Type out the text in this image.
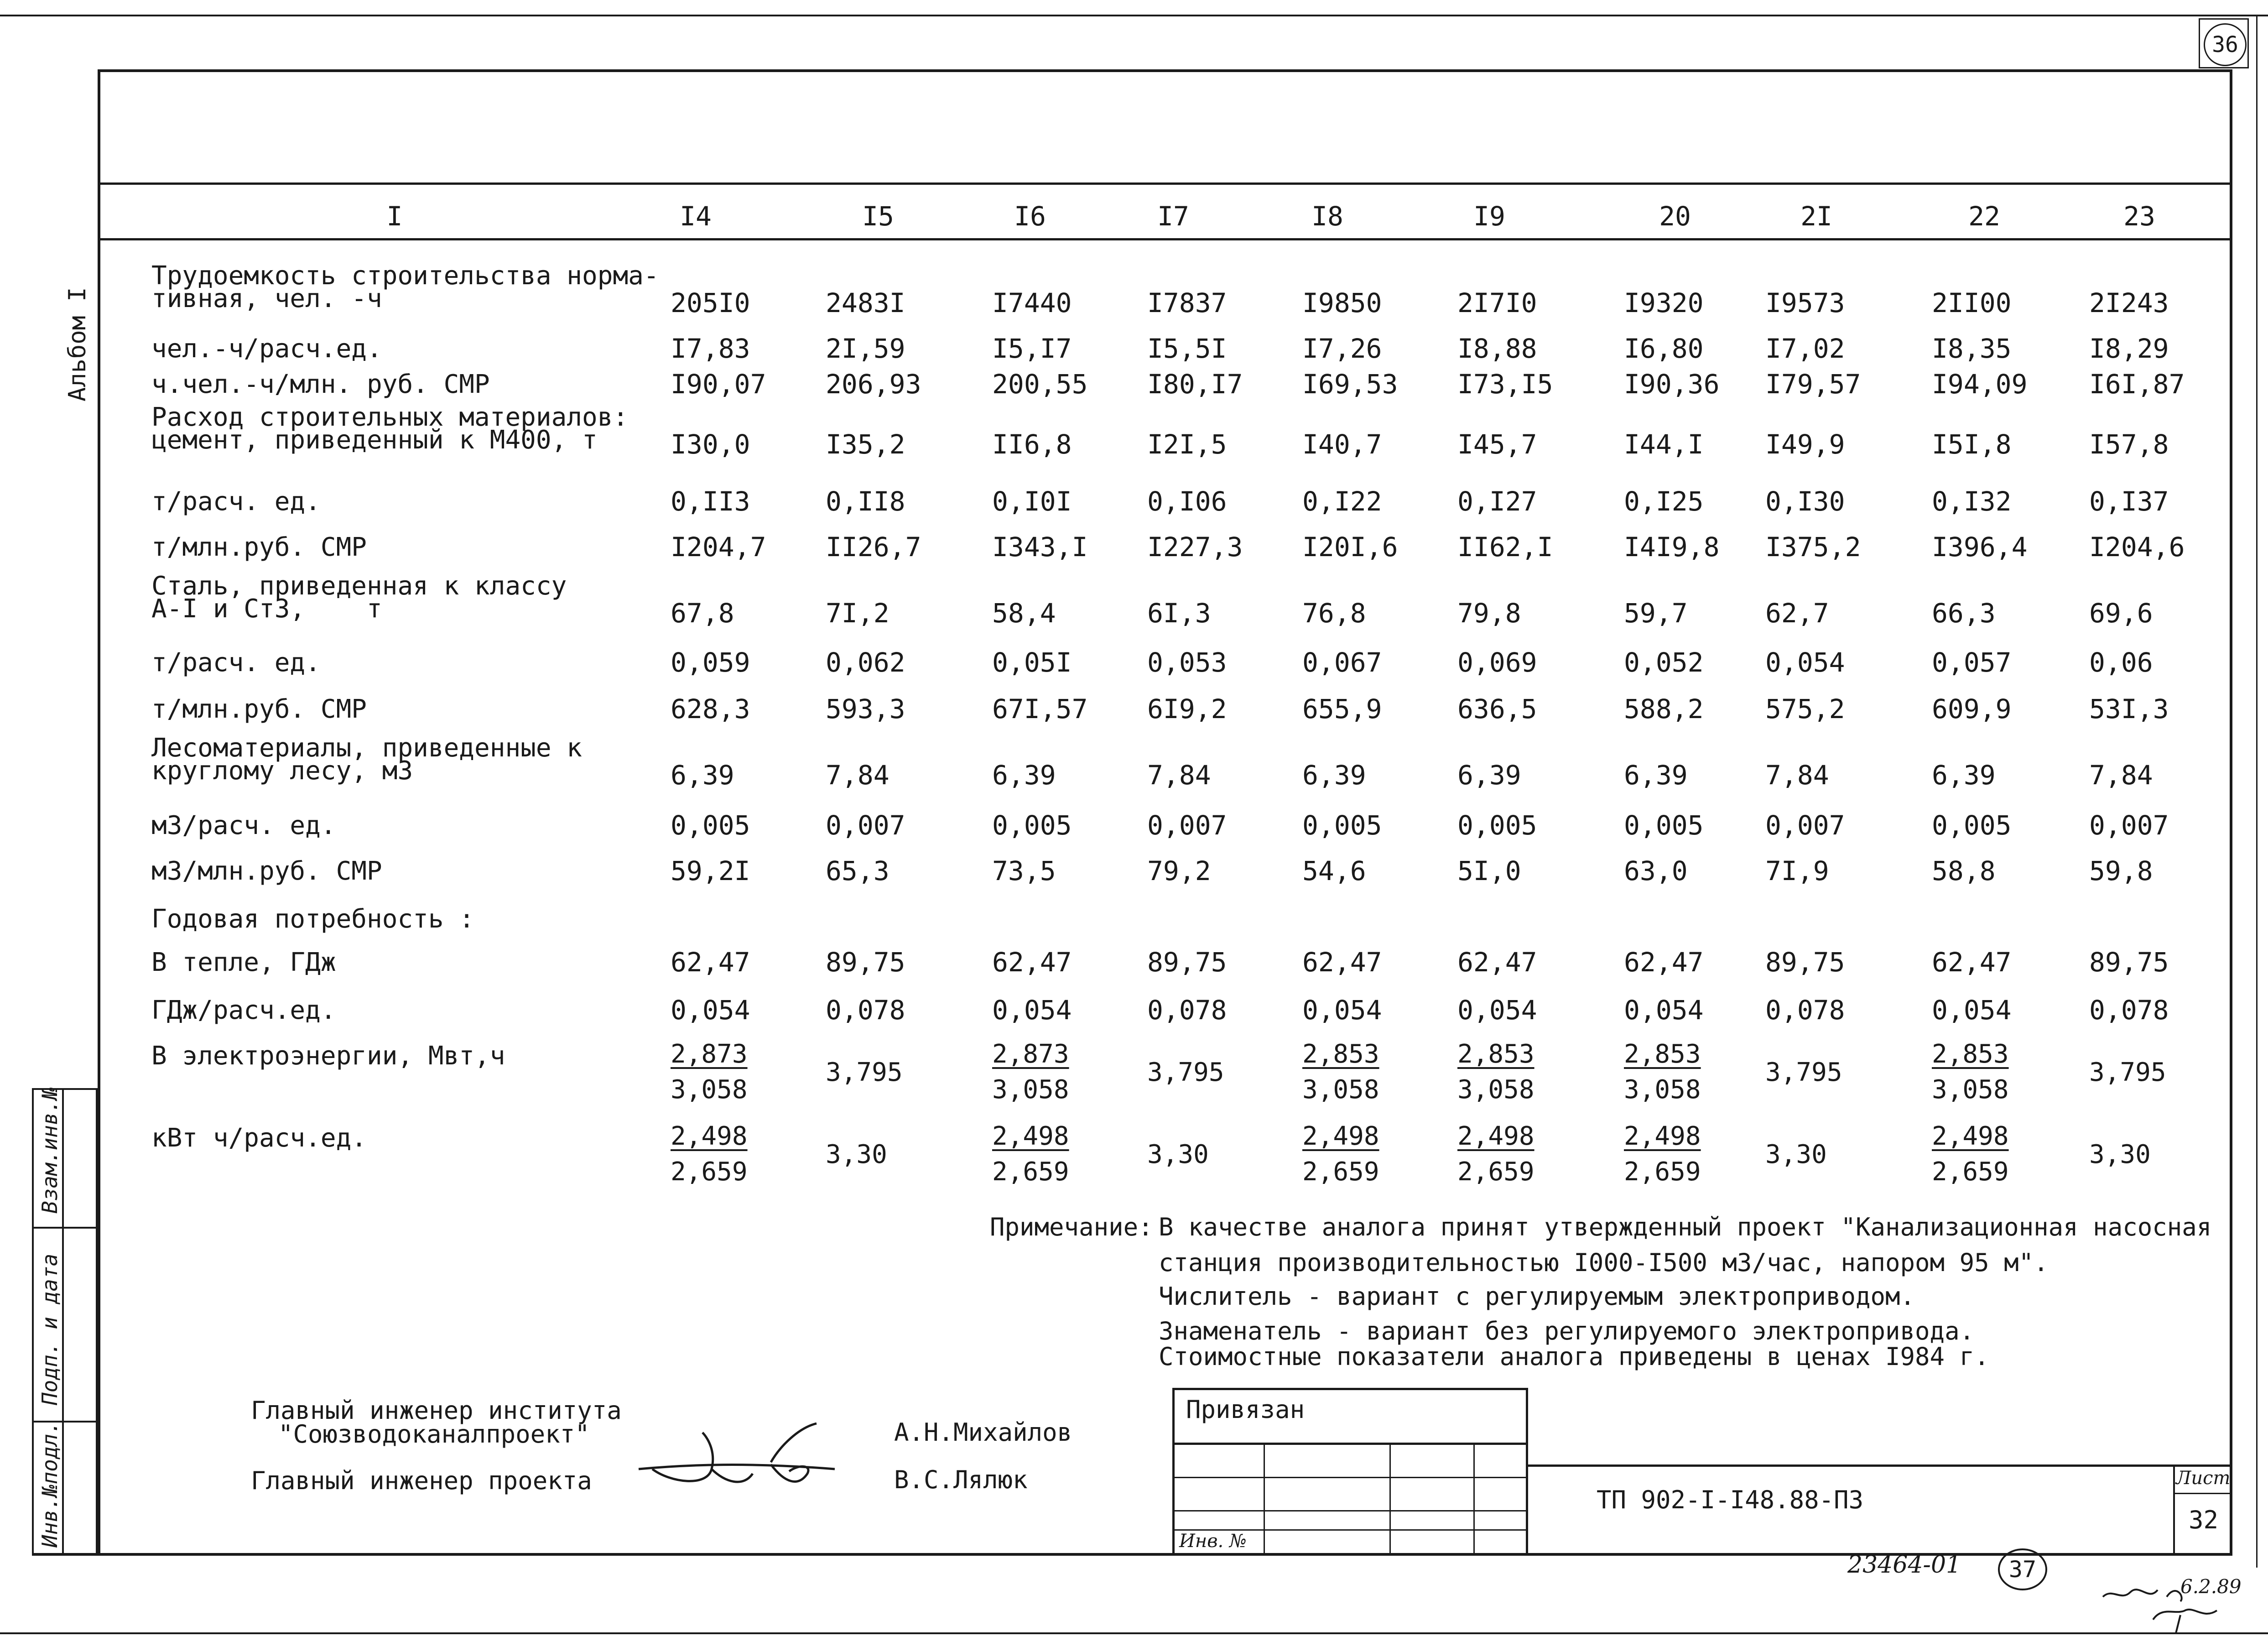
36
Альбом I
Инв.№подл.
Подп. и дата
Взам.инв.№
I	I4	I5	I6	I7	I8	I9	20	2I	22	23
Трудоемкость строительства норма-
тивная, чел. -ч	205I0	2483I	I7440	I7837	I9850	2I7I0	I9320 I9573	2II00	2I243
чел.-ч/расч.ед.	I7,83	2I,59	I5,I7	I5,5I	I7,26	I8,88	I6,80 I7,02	I8,35	I8,29
ч.чел.-ч/млн. руб. СМР	I90,07 206,93	200,55 I80,I7 I69,53 I73,I5	I90,36 I79,57	I94,09 I6I,87
Расход строительных материалов:
цемент, приведенный к М400, т	I30,0	I35,2	II6,8	I2I,5	I40,7	I45,7	I44,I I49,9	I5I,8	I57,8
т/расч. ед.	0,II3	0,II8	0,I0I	0,I06	0,I22	0,I27	0,I25 0,I30	0,I32	0,I37
т/млн.руб. СМР	I204,7 II26,7	I343,I I227,3 I20I,6 II62,I	I4I9,8 I375,2	I396,4 I204,6
Сталь, приведенная к классу
А-I и Ст3,    т	67,8	7I,2	58,4	6I,3	76,8	79,8	59,7	62,7	66,3	69,6
т/расч. ед.	0,059	0,062	0,05I	0,053	0,067	0,069	0,052 0,054	0,057	0,06
т/млн.руб. СМР	628,3	593,3	67I,57 6I9,2	655,9	636,5	588,2 575,2	609,9	53I,3
Лесоматериалы, приведенные к
круглому лесу, м3	6,39	7,84	6,39	7,84	6,39	6,39	6,39	7,84	6,39	7,84
м3/расч. ед.	0,005	0,007	0,005	0,007	0,005	0,005	0,005 0,007	0,005	0,007
м3/млн.руб. СМР	59,2I	65,3	73,5	79,2	54,6	5I,0	63,0	7I,9	58,8	59,8
Годовая потребность :
В тепле, ГДж	62,47	89,75	62,47	89,75	62,47	62,47	62,47 89,75	62,47	89,75
ГДж/расч.ед.	0,054	0,078	0,054	0,078	0,054	0,054	0,054 0,078	0,054	0,078
В электроэнергии, Мвт,ч	$\frac{2,873}{3,058}$	3,795	$\frac{2,873}{3,058}$	3,795	$\frac{2,853}{3,058}$	$\frac{2,853}{3,058}$	$\frac{2,853}{3,058}$	3,795	$\frac{2,853}{3,058}$	3,795
кВт ч/расч.ед.	$\frac{2,498}{2,659}$	3,30	$\frac{2,498}{2,659}$	3,30	$\frac{2,498}{2,659}$	$\frac{2,498}{2,659}$	$\frac{2,498}{2,659}$	3,30	$\frac{2,498}{2,659}$	3,30
Примечание: В качестве аналога принят утвержденный проект "Канализационная насосная
станция производительностью I000-I500 м3/час, напором 95 м".
Числитель - вариант с регулируемым электроприводом.
Знаменатель - вариант без регулируемого электропривода.
Стоимостные показатели аналога приведены в ценах I984 г.
Главный инженер института
"Союзводоканалпроект"
Главный инженер проекта
А.Н.Михайлов
В.С.Лялюк
Привязан
Инв. №
ТП 902-I-I48.88-ПЗ
Лист
32
23464-01	37
6.2.89
